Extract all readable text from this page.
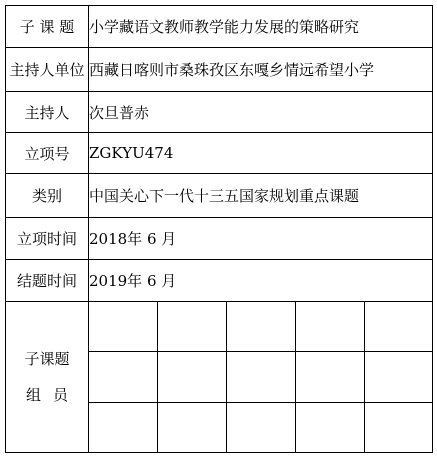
子 课 题	小学藏语文教师教学能力发展的策略研究				
主持人单位	西藏日喀则市桑珠孜区东嘎乡情远希望小学				
主持人	次旦普赤				
立项号	ZGKYU474				
类别	中国关心下一代十三五国家规划重点课题				
立项时间	2018年 6 月				
结题时间	2019年 6 月				

子课题
组员					
